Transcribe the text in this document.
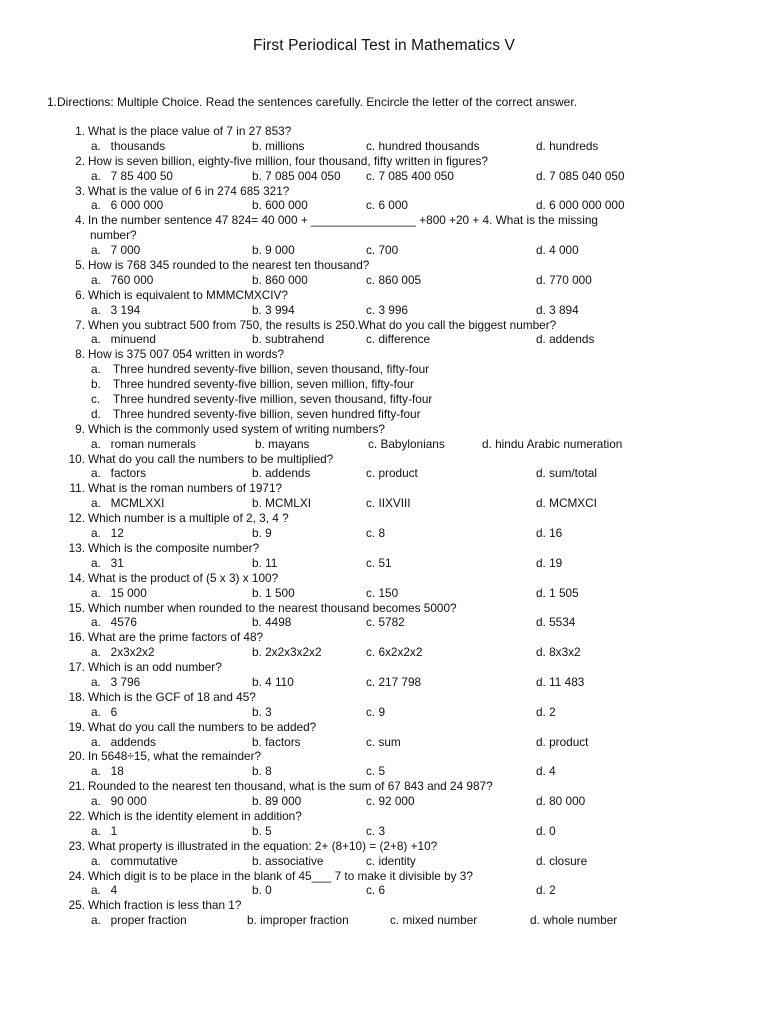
First Periodical Test in Mathematics V
1.Directions: Multiple Choice. Read the sentences carefully. Encircle the letter of the correct answer.
1. What is the place value of 7 in 27 853?
a.   thousands	b. millions	c. hundred thousands	d. hundreds
2. How is seven billion, eighty-five million, four thousand, fifty written in figures?
a.   7 85 400 50	b. 7 085 004 050 c. 7 085 400 050	d. 7 085 040 050
3. What is the value of 6 in 274 685 321?
a.   6 000 000	b. 600 000	c. 6 000	d. 6 000 000 000
4. In the number sentence 47 824= 40 000 + ________________ +800 +20 + 4. What is the missing
number?
a.   7 000	b. 9 000	c. 700	d. 4 000
5. How is 768 345 rounded to the nearest ten thousand?
a.   760 000	b. 860 000	c. 860 005	d. 770 000
6. Which is equivalent to MMMCMXCIV?
a.   3 194	b. 3 994	c. 3 996	d. 3 894
7. When you subtract 500 from 750, the results is 250.What do you call the biggest number?
a.   minuend	b. subtrahend	c. difference	d. addends
8. How is 375 007 054 written in words?
a. Three hundred seventy-five billion, seven thousand, fifty-four
b. Three hundred seventy-five billion, seven million, fifty-four
c. Three hundred seventy-five million, seven thousand, fifty-four
d. Three hundred seventy-five billion, seven hundred fifty-four
9. Which is the commonly used system of writing numbers?
a.   roman numerals	b. mayans	c. Babylonians	d. hindu Arabic numeration
10. What do you call the numbers to be multiplied?
a.   factors	b. addends	c. product	d. sum/total
11. What is the roman numbers of 1971?
a.   MCMLXXI	b. MCMLXI	c. IIXVIII	d. MCMXCI
12. Which number is a multiple of 2, 3, 4 ?
a.   12	b. 9	c. 8	d. 16
13. Which is the composite number?
a.   31	b. 11	c. 51	d. 19
14. What is the product of (5 x 3) x 100?
a.   15 000	b. 1 500	c. 150	d. 1 505
15. Which number when rounded to the nearest thousand becomes 5000?
a.   4576	b. 4498	c. 5782	d. 5534
16. What are the prime factors of 48?
a.   2x3x2x2	b. 2x2x3x2x2	c. 6x2x2x2	d. 8x3x2
17. Which is an odd number?
a.   3 796	b. 4 110	c. 217 798	d. 11 483
18. Which is the GCF of 18 and 45?
a.   6	b. 3	c. 9	d. 2
19. What do you call the numbers to be added?
a.   addends	b. factors	c. sum	d. product
20. In 5648÷15, what the remainder?
a.   18	b. 8	c. 5	d. 4
21. Rounded to the nearest ten thousand, what is the sum of 67 843 and 24 987?
a.   90 000	b. 89 000	c. 92 000	d. 80 000
22. Which is the identity element in addition?
a.   1	b. 5	c. 3	d. 0
23. What property is illustrated in the equation: 2+ (8+10) = (2+8) +10?
a.   commutative	b. associative	c. identity	d. closure
24. Which digit is to be place in the blank of 45___ 7 to make it divisible by 3?
a.   4	b. 0	c. 6	d. 2
25. Which fraction is less than 1?
a.   proper fraction	b. improper fraction	c. mixed number	d. whole number
